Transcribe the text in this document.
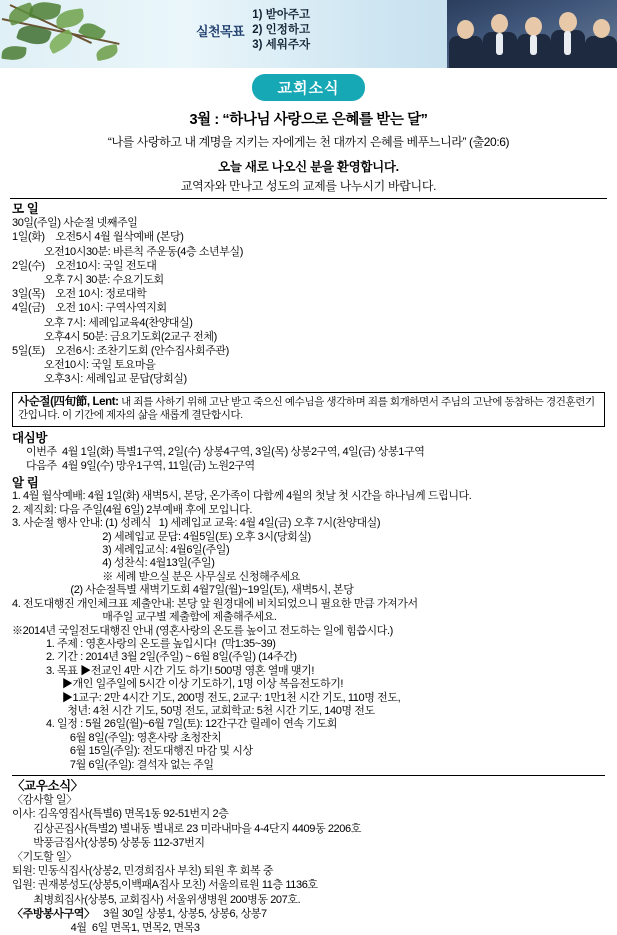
실천목표
1) 받아주고
2) 인정하고
3) 세워주자
교회소식
3월 : “하나님 사랑으로 은혜를 받는 달”
“나를 사랑하고 내 계명을 지키는 자에게는 천 대까지 은혜를 베푸느니라” (출20:6)
오늘 새로 나오신 분을 환영합니다.
교역자와 만나고 성도의 교제를 나누시기 바랍니다.
모 일
30일(주일) 사순절 넷째주일
1일(화)    오전5시 4월 월삭예배 (본당)
오전10시30분: 바른칙 주운동(4층 소년부실)
2일(수)    오전10시: 국일 전도대
오후 7시 30분: 수요기도회
3일(목)    오전 10시: 정로대학
4일(금)    오전 10시: 구역사역지회
오후 7시: 세례입교육4(찬양대실)
오후4시 50분: 금요기도회(2교구 전체)
5일(토)    오전6시: 조찬기도회 (안수집사회주관)
오전10시: 국일 토요마을
오후3시: 세례입교 문답(당회실)
사순절(四旬節, Lent: 내 죄를 사하기 위해 고난 받고 죽으신 예수님을 생각하며 죄를 회개하면서 주님의 고난에 동참하는 경건훈련기간입니다. 이 기간에 제자의 삶을 새롭게 결단합시다.
대심방
이번주  4월 1일(화) 특별1구역, 2일(수) 상봉4구역, 3일(목) 상봉2구역, 4일(금) 상봉1구역
다음주  4월 9일(수) 망우1구역, 11일(금) 노원2구역
알 림
1. 4월 월삭예배: 4월 1일(화) 새벽5시, 본당, 온가족이 다함께 4월의 첫날 첫 시간을 하나님께 드립니다.
2. 제직회: 다음 주일(4월 6일) 2부예배 후에 모입니다.
3. 사순절 행사 안내: (1) 성례식   1) 세례입교 교육: 4월 4일(금) 오후 7시(찬양대실)
2) 세례입교 문답: 4월5일(토) 오후 3시(당회실)
3) 세례입교식: 4월6일(주일)
4) 성찬식: 4월13일(주일)
※ 세례 받으실 분은 사무실로 신청해주세요
(2) 사순절특별 새벽기도회 4월7일(월)~19일(토), 새벽5시, 본당
4. 전도대행진 개인체크표 제출안내: 본당 앞 원경대에 비치되었으니 필요한 만큼 가져가서
매주일 교구별 제출함에 제출해주세요.
※2014년 국일전도대행진 안내 (영혼사랑의 온도를 높이고 전도하는 일에 힘씁시다.)
1. 주제 : 영혼사랑의 온도를 높입시다!  (막1:35~39)
2. 기간 : 2014년 3월 2일(주일) ~ 6월 8일(주일) (14주간)
3. 목표 ▶전교인 4만 시간 기도 하기! 500명 영혼 열매 맺기!
▶개인 일주일에 5시간 이상 기도하기, 1명 이상 복음전도하기!
▶1교구: 2만 4시간 기도, 200명 전도, 2교구: 1만1천 시간 기도, 110명 전도,
청년: 4천 시간 기도, 50명 전도, 교회학교: 5천 시간 기도, 140명 전도
4. 일정 : 5월 26일(월)~6월 7일(토): 12간구간 릴레이 연속 기도회
6월 8일(주일): 영혼사랑 초청잔치
6월 15일(주일): 전도대행진 마감 및 시상
7월 6일(주일): 결석자 없는 주일
〈교우소식〉
〈감사할 일〉
이사: 김옥영집사(특별6) 면목1동 92-51번지 2층
김상곤집사(특별2) 별내동 별내로 23 미라내마을 4-4단지 4409동 2206호
박풍금집사(상봉5) 상봉동 112-37번지
〈기도할 일〉
퇴원: 민동식집사(상봉2, 민경희집사 부친) 퇴원 후 회복 중
입원: 권재봉성도(상봉5,이백패A집사 모친) 서울의료원 11층 1136호
최병희집사(상봉5, 교회집사) 서울위생병원 200병동 207호.
〈주방봉사구역〉 3월 30일 상봉1, 상봉5, 상봉6, 상봉7
4월  6일 면목1, 면목2, 면목3
